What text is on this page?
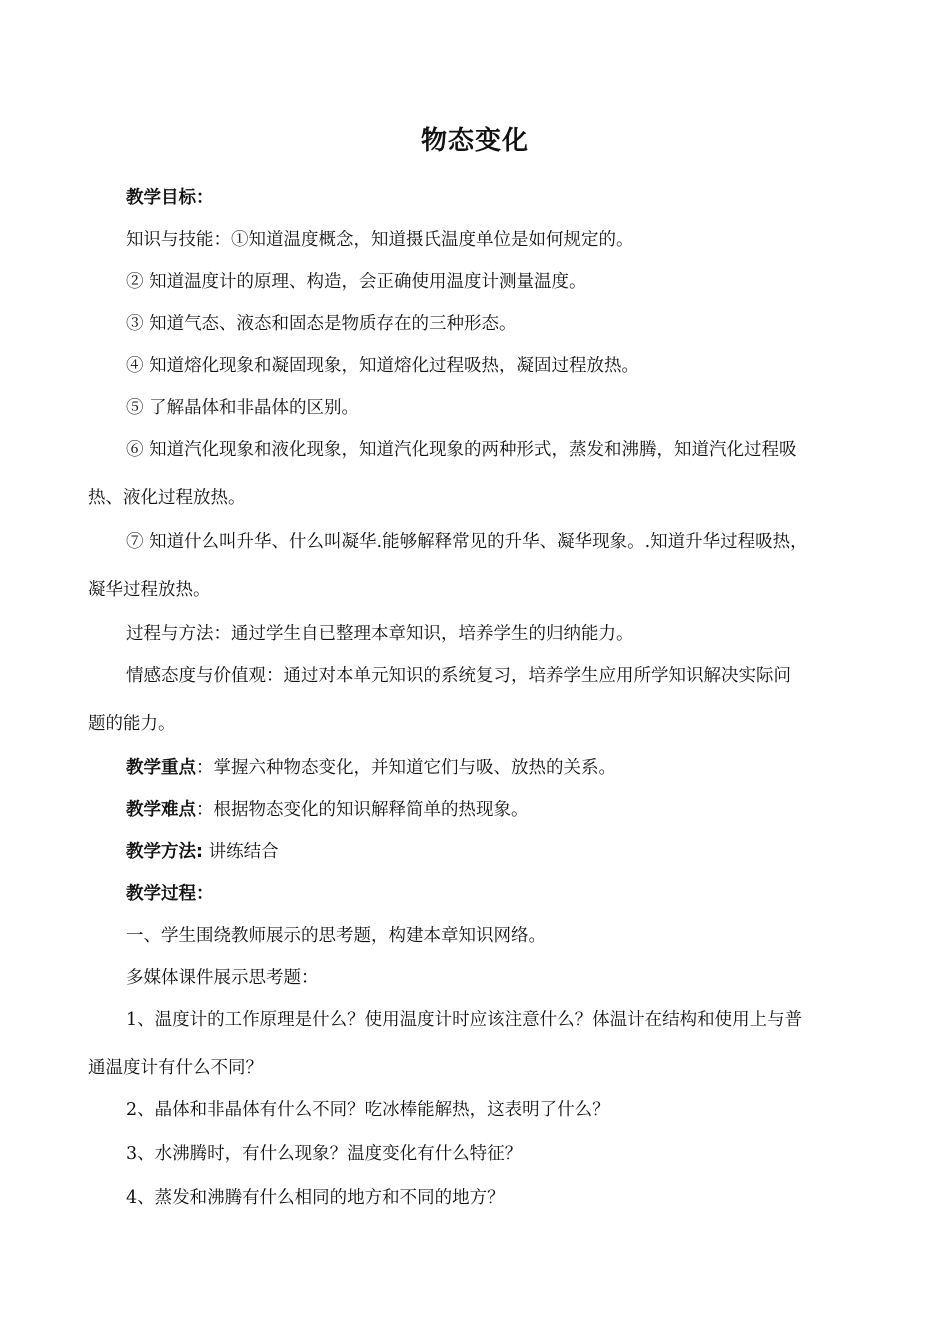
物态变化
教学目标：
知识与技能：①知道温度概念，知道摄氏温度单位是如何规定的。
② 知道温度计的原理、构造，会正确使用温度计测量温度。
③ 知道气态、液态和固态是物质存在的三种形态。
④ 知道熔化现象和凝固现象，知道熔化过程吸热，凝固过程放热。
⑤ 了解晶体和非晶体的区别。
⑥ 知道汽化现象和液化现象，知道汽化现象的两种形式，蒸发和沸腾，知道汽化过程吸
热、液化过程放热。
⑦ 知道什么叫升华、什么叫凝华.能够解释常见的升华、凝华现象。.知道升华过程吸热，
凝华过程放热。
过程与方法：通过学生自已整理本章知识，培养学生的归纳能力。
情感态度与价值观：通过对本单元知识的系统复习，培养学生应用所学知识解决实际问
题的能力。
教学重点：掌握六种物态变化，并知道它们与吸、放热的关系。
教学难点：根据物态变化的知识解释简单的热现象。
教学方法: 讲练结合
教学过程：
一、学生围绕教师展示的思考题，构建本章知识网络。
多媒体课件展示思考题：
1、温度计的工作原理是什么？使用温度计时应该注意什么？体温计在结构和使用上与普
通温度计有什么不同？
2、晶体和非晶体有什么不同？吃冰棒能解热，这表明了什么？
3、水沸腾时，有什么现象？温度变化有什么特征？
4、蒸发和沸腾有什么相同的地方和不同的地方？
